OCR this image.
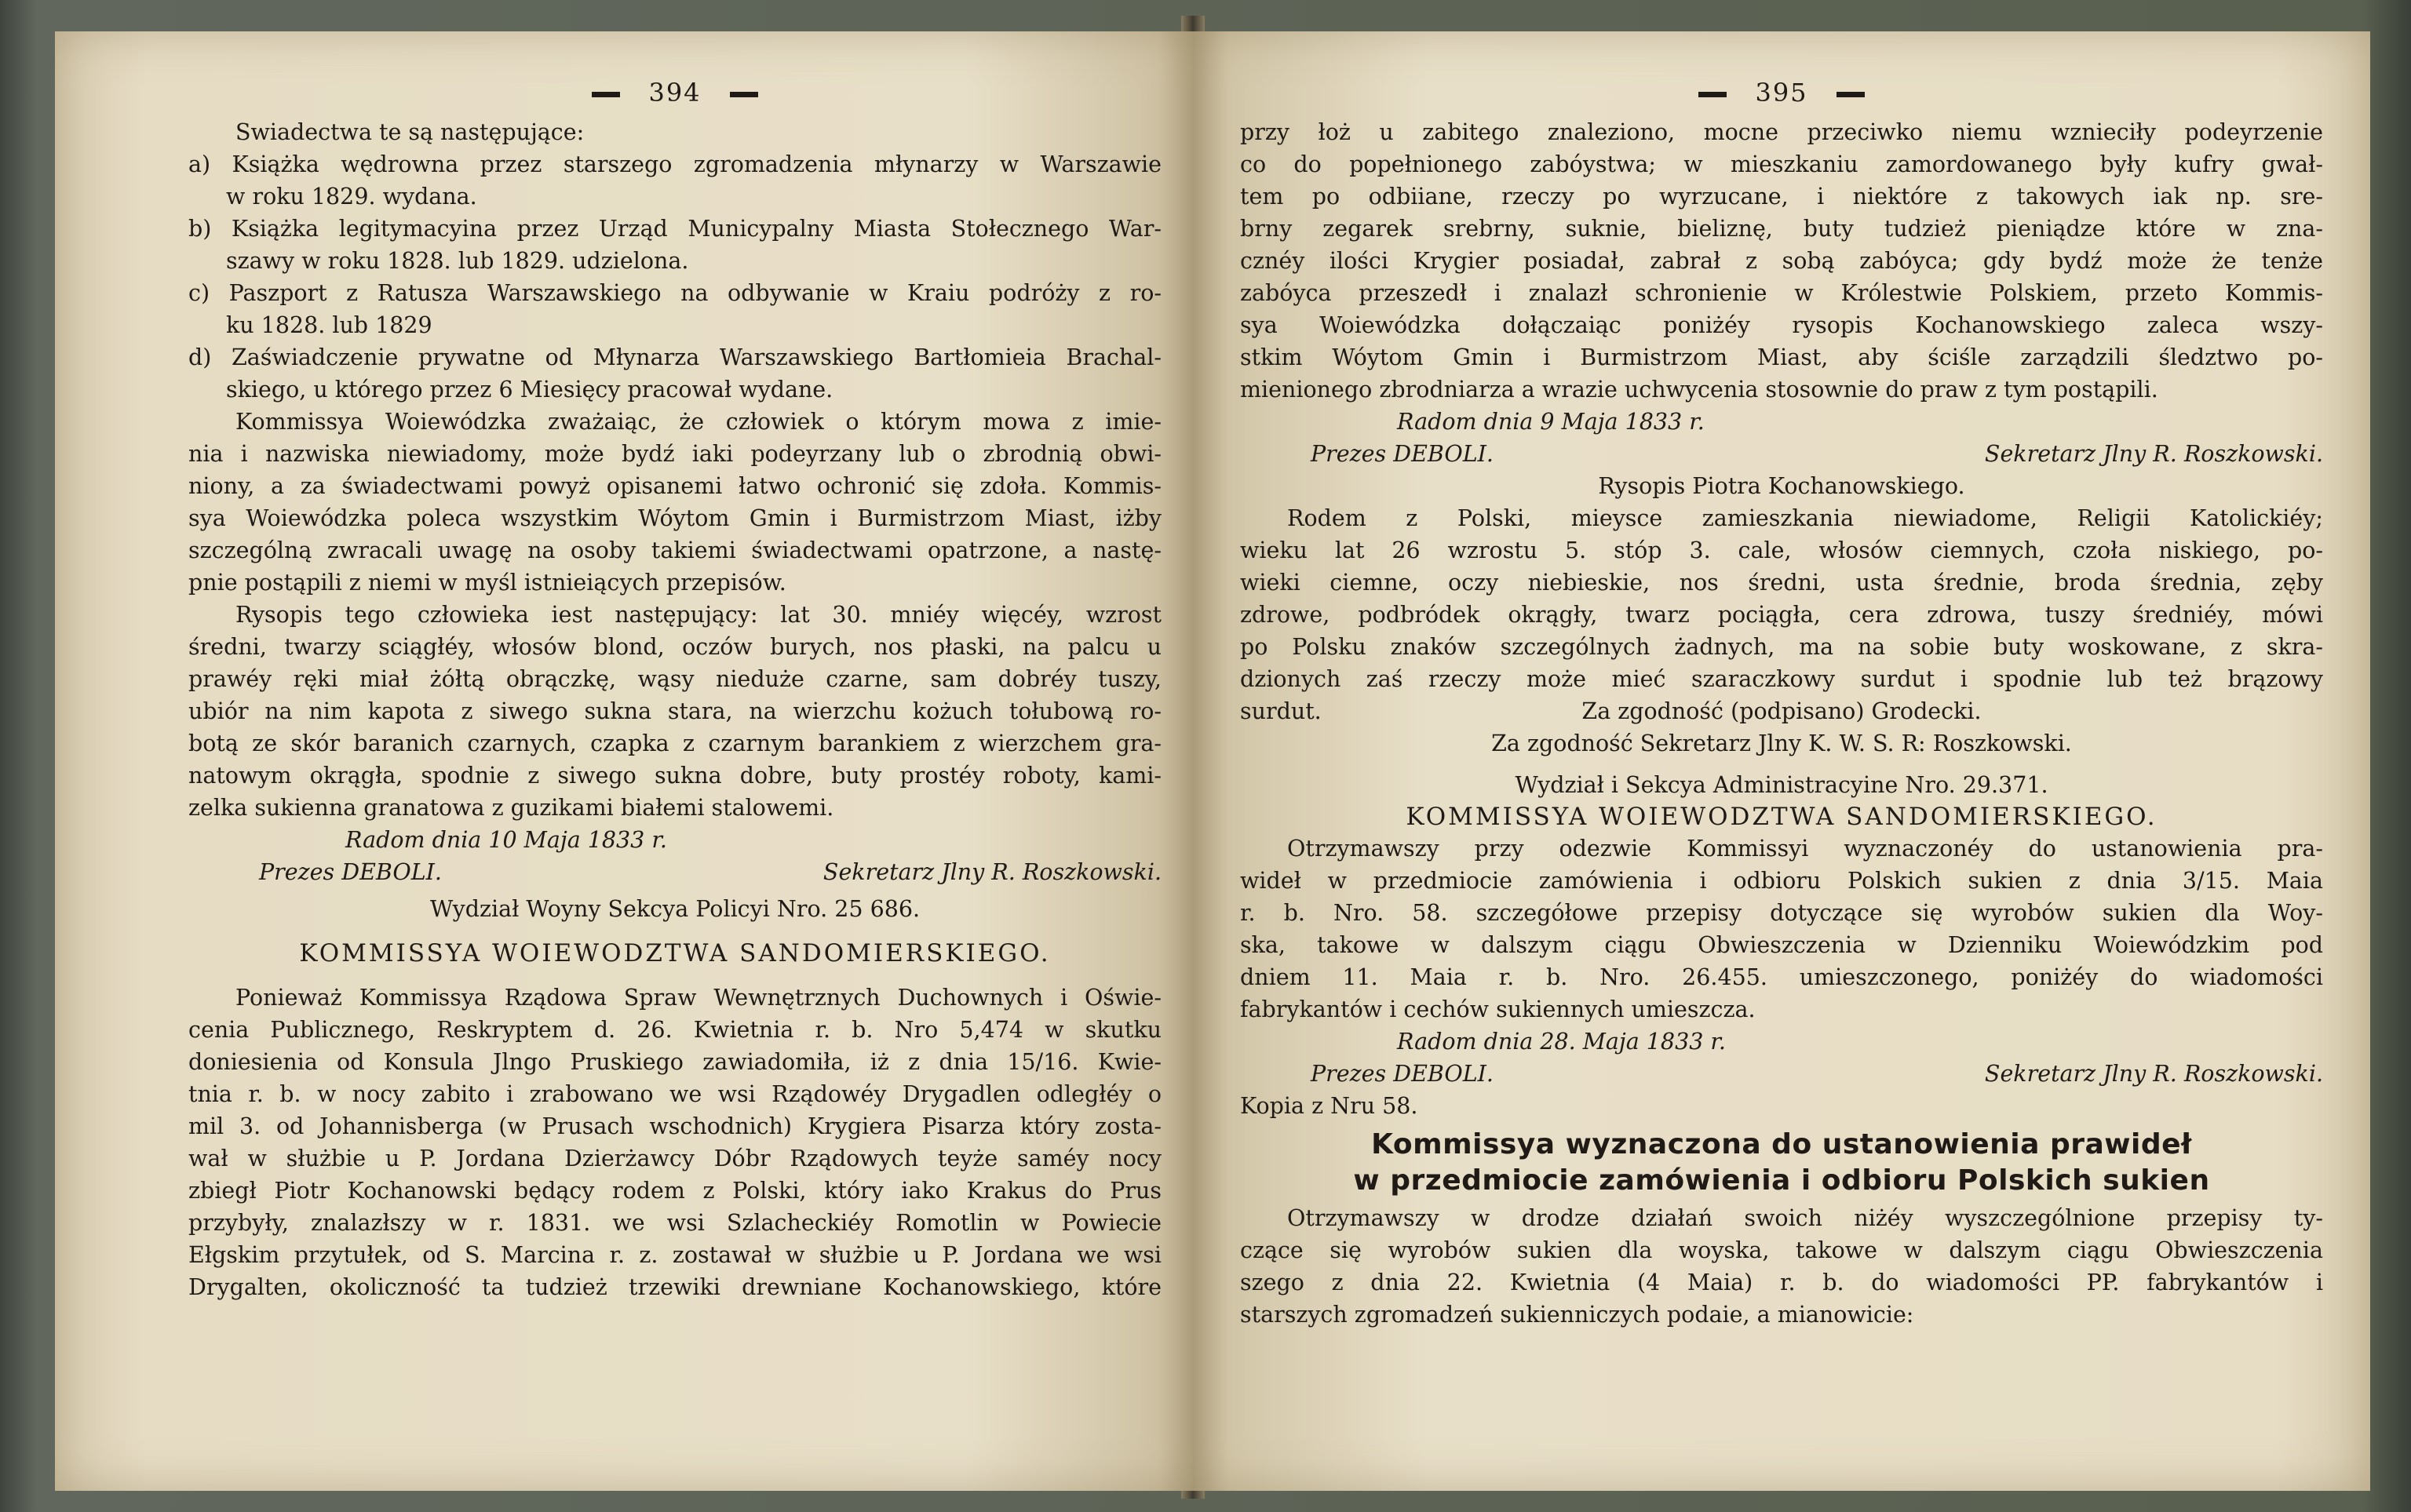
394
Swiadectwa te są następujące:
a) Książka wędrowna przez starszego zgromadzenia młynarzy w Warszawie
w roku 1829. wydana.
b) Książka legitymacyina przez Urząd Municypalny Miasta Stołecznego War-
szawy w roku 1828. lub 1829. udzielona.
c) Paszport z Ratusza Warszawskiego na odbywanie w Kraiu podróży z ro-
ku 1828. lub 1829
d) Zaświadczenie prywatne od Młynarza Warszawskiego Bartłomieia Brachal-
skiego, u którego przez 6 Miesięcy pracował wydane.
Kommissya Woiewódzka zważaiąc, że człowiek o którym mowa z imie-
nia i nazwiska niewiadomy, może bydź iaki podeyrzany lub o zbrodnią obwi-
niony, a za świadectwami powyż opisanemi łatwo ochronić się zdoła. Kommis-
sya Woiewódzka poleca wszystkim Wóytom Gmin i Burmistrzom Miast, iżby
szczególną zwracali uwagę na osoby takiemi świadectwami opatrzone, a nastę-
pnie postąpili z niemi w myśl istnieiących przepisów.
Rysopis tego człowieka iest następujący: lat 30. mniéy więcéy, wzrost
średni, twarzy sciągłéy, włosów blond, oczów burych, nos płaski, na palcu u
prawéy ręki miał żółtą obrączkę, wąsy nieduże czarne, sam dobréy tuszy,
ubiór na nim kapota z siwego sukna stara, na wierzchu kożuch tołubową ro-
botą ze skór baranich czarnych, czapka z czarnym barankiem z wierzchem gra-
natowym okrągła, spodnie z siwego sukna dobre, buty prostéy roboty, kami-
zelka sukienna granatowa z guzikami białemi stalowemi.
Radom dnia 10 Maja 1833 r.
Prezes DEBOLI.	Sekretarz Jlny R. Roszkowski.
Wydział Woyny Sekcya Policyi Nro. 25 686.
KOMMISSYA WOIEWODZTWA SANDOMIERSKIEGO.
Ponieważ Kommissya Rządowa Spraw Wewnętrznych Duchownych i Oświe-
cenia Publicznego, Reskryptem d. 26. Kwietnia r. b. Nro 5,474 w skutku
doniesienia od Konsula Jlngo Pruskiego zawiadomiła, iż z dnia 15/16. Kwie-
tnia r. b. w nocy zabito i zrabowano we wsi Rządowéy Drygadlen odległéy o
mil 3. od Johannisberga (w Prusach wschodnich) Krygiera Pisarza który zosta-
wał w służbie u P. Jordana Dzierżawcy Dóbr Rządowych teyże saméy nocy
zbiegł Piotr Kochanowski będący rodem z Polski, który iako Krakus do Prus
przybyły, znalazłszy w r. 1831. we wsi Szlacheckiéy Romotlin w Powiecie
Ełgskim przytułek, od S. Marcina r. z. zostawał w służbie u P. Jordana we wsi
Drygalten, okoliczność ta tudzież trzewiki drewniane Kochanowskiego, które
395
przy łoż u zabitego znaleziono, mocne przeciwko niemu wznieciły podeyrzenie
co do popełnionego zabóystwa; w mieszkaniu zamordowanego były kufry gwał-
tem po odbiiane, rzeczy po wyrzucane, i niektóre z takowych iak np. sre-
brny zegarek srebrny, suknie, bieliznę, buty tudzież pieniądze które w zna-
cznéy ilości Krygier posiadał, zabrał z sobą zabóyca; gdy bydź może że tenże
zabóyca przeszedł i znalazł schronienie w Królestwie Polskiem, przeto Kommis-
sya Woiewódzka dołączaiąc poniżéy rysopis Kochanowskiego zaleca wszy-
stkim Wóytom Gmin i Burmistrzom Miast, aby ściśle zarządzili śledztwo po-
mienionego zbrodniarza a wrazie uchwycenia stosownie do praw z tym postąpili.
Radom dnia 9 Maja 1833 r.
Prezes DEBOLI.	Sekretarz Jlny R. Roszkowski.
Rysopis Piotra Kochanowskiego.
Rodem z Polski, mieysce zamieszkania niewiadome, Religii Katolickiéy;
wieku lat 26 wzrostu 5. stóp 3. cale, włosów ciemnych, czoła niskiego, po-
wieki ciemne, oczy niebieskie, nos średni, usta średnie, broda średnia, zęby
zdrowe, podbródek okrągły, twarz pociągła, cera zdrowa, tuszy średniéy, mówi
po Polsku znaków szczególnych żadnych, ma na sobie buty woskowane, z skra-
dzionych zaś rzeczy może mieć szaraczkowy surdut i spodnie lub też brązowy
surdut.	Za zgodność (podpisano) Grodecki.
Za zgodność Sekretarz Jlny K. W. S. R: Roszkowski.
Wydział i Sekcya Administracyine Nro. 29.371.
KOMMISSYA WOIEWODZTWA SANDOMIERSKIEGO.
Otrzymawszy przy odezwie Kommissyi wyznaczonéy do ustanowienia pra-
wideł w przedmiocie zamówienia i odbioru Polskich sukien z dnia 3/15. Maia
r. b. Nro. 58. szczegółowe przepisy dotyczące się wyrobów sukien dla Woy-
ska, takowe w dalszym ciągu Obwieszczenia w Dzienniku Woiewódzkim pod
dniem 11. Maia r. b. Nro. 26.455. umieszczonego, poniżéy do wiadomości
fabrykantów i cechów sukiennych umieszcza.
Radom dnia 28. Maja 1833 r.
Prezes DEBOLI.	Sekretarz Jlny R. Roszkowski.
Kopia z Nru 58.
Kommissya wyznaczona do ustanowienia prawideł
w przedmiocie zamówienia i odbioru Polskich sukien
Otrzymawszy w drodze działań swoich niżéy wyszczególnione przepisy ty-
czące się wyrobów sukien dla woyska, takowe w dalszym ciągu Obwieszczenia
szego z dnia 22. Kwietnia (4 Maia) r. b. do wiadomości PP. fabrykantów i
starszych zgromadzeń sukienniczych podaie, a mianowicie:
